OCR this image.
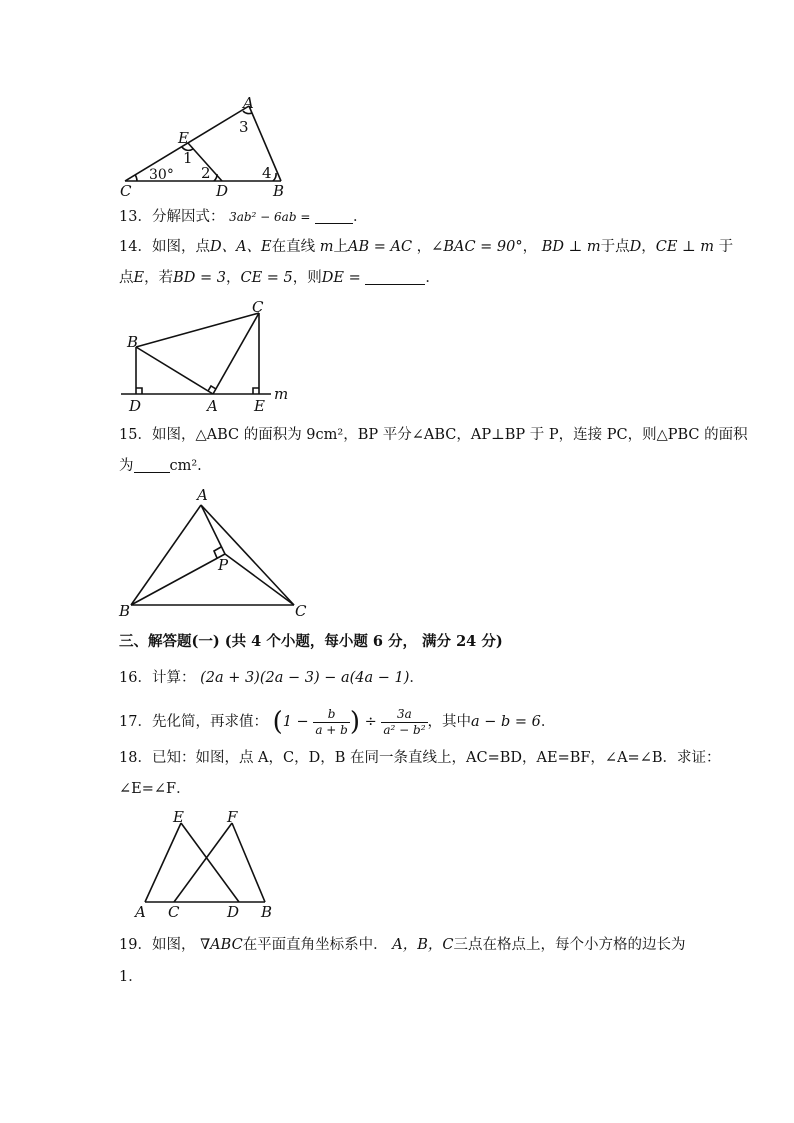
A
E
C	D	B
1
2
3
4
30°
13．分解因式： 3ab² − 6ab =	．
14．如图，点D、A、E在直线 m上AB = AC ，∠BAC = 90°， BD ⊥ m于点D，CE ⊥ m 于
点E，若BD = 3，CE = 5，则DE =	．
C
B
D	A E
m
15．如图，△ABC 的面积为 9cm²，BP 平分∠ABC，AP⊥BP 于 P，连接 PC，则△PBC 的面积
为 cm².
A
P
B	C
三、解答题(一) (共 4 个小题，每小题 6 分， 满分 24 分)
16．计算： (2a + 3)(2a − 3) − a(4a − 1)．
17．先化简，再求值： ($1 - \frac{b}{a + b}$ ) ÷ $\frac{3a}{\text{a² − b²}}$ ，其中a − b = 6．
18．已知：如图，点 A，C，D，B 在同一条直线上，AC=BD，AE=BF，∠A=∠B．求证：
∠E=∠F．
E	F
A C	D B
19．如图， ∇ABC在平面直角坐标系中． A，B，C三点在格点上，每个小方格的边长为
1．
